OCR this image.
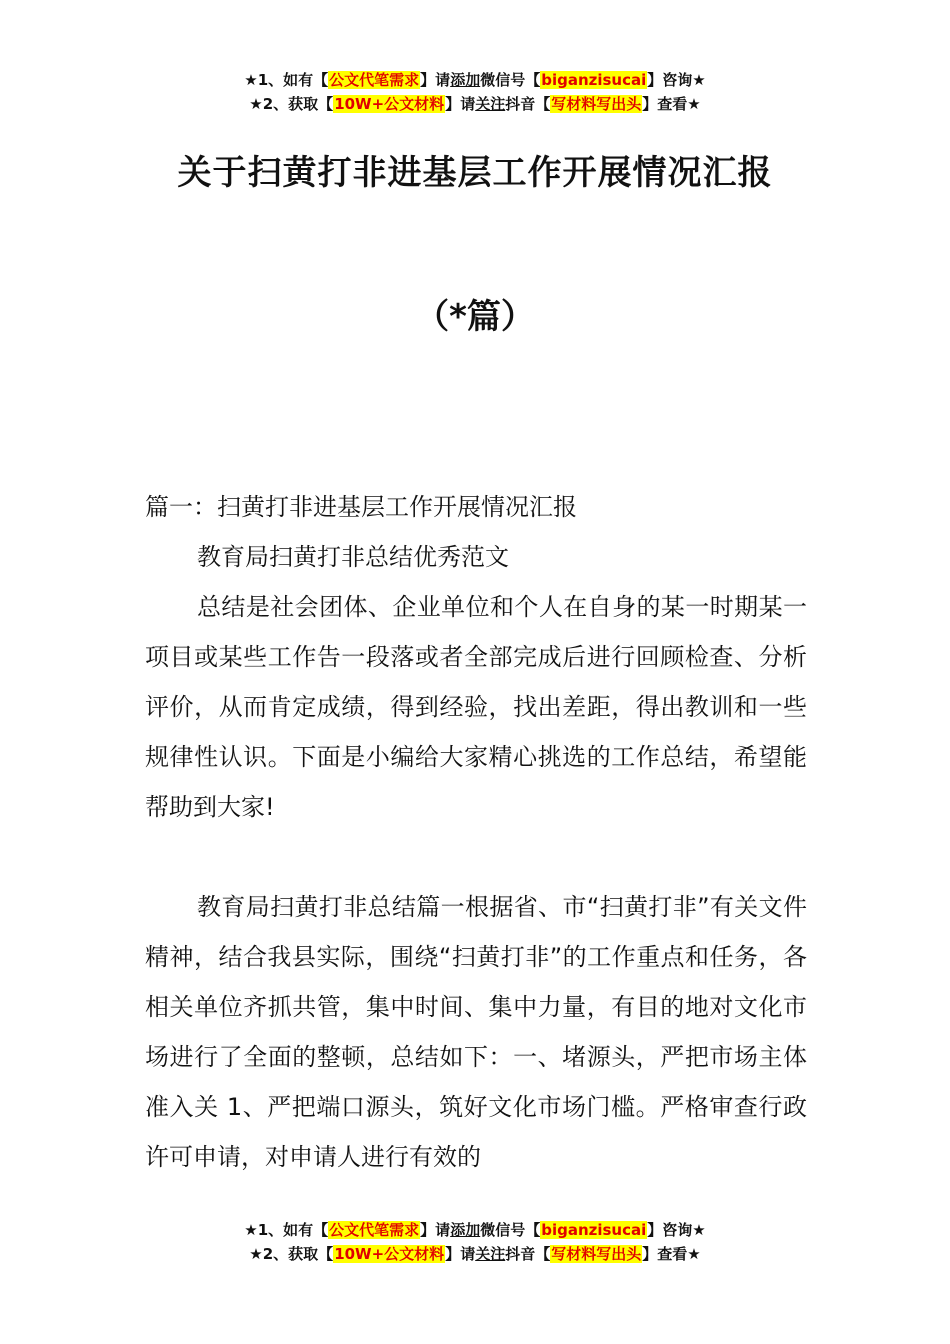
★1、如有【公文代笔需求】请添加微信号【biganzisucai】咨询★
★2、获取【10W+公文材料】请关注抖音【写材料写出头】查看★
关于扫黄打非进基层工作开展情况汇报
（*篇）

篇一：扫黄打非进基层工作开展情况汇报

教育局扫黄打非总结优秀范文

总结是社会团体、企业单位和个人在自身的某一时期某一项目或某些工作告一段落或者全部完成后进行回顾检查、分析评价，从而肯定成绩，得到经验，找出差距，得出教训和一些规律性认识。下面是小编给大家精心挑选的工作总结，希望能帮助到大家!

教育局扫黄打非总结篇一根据省、市“扫黄打非”有关文件精神，结合我县实际，围绕“扫黄打非”的工作重点和任务，各相关单位齐抓共管，集中时间、集中力量，有目的地对文化市场进行了全面的整顿，总结如下：一、堵源头，严把市场主体准入关 1、严把端口源头，筑好文化市场门槛。严格审查行政许可申请，对申请人进行有效的

★1、如有【公文代笔需求】请添加微信号【biganzisucai】咨询★
★2、获取【10W+公文材料】请关注抖音【写材料写出头】查看★
